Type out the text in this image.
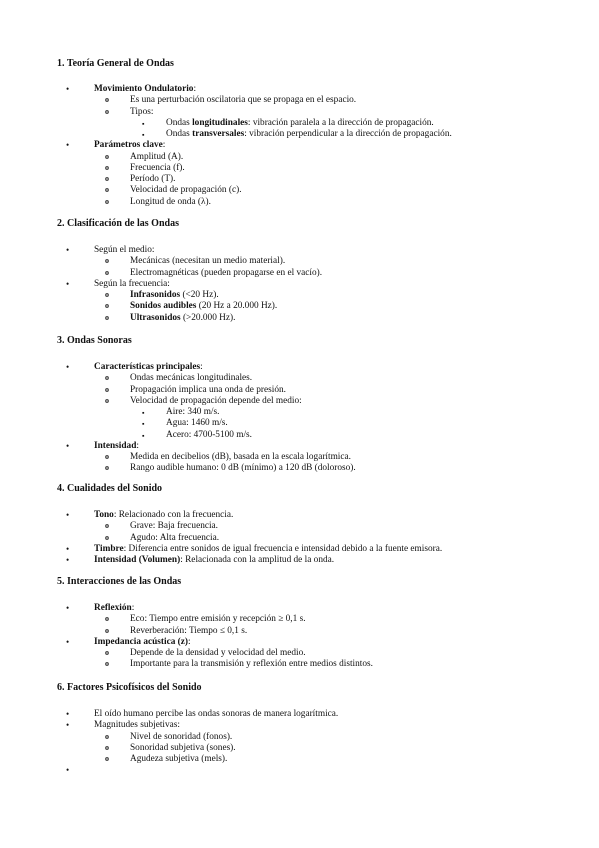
1. Teoría General de Ondas
•	Movimiento Ondulatorio:
o Es una perturbación oscilatoria que se propaga en el espacio.
o Tipos:
▪ Ondas longitudinales: vibración paralela a la dirección de propagación.
▪ Ondas transversales: vibración perpendicular a la dirección de propagación.
•	Parámetros clave:
o Amplitud (A).
o Frecuencia (f).
o Período (T).
o Velocidad de propagación (c).
o Longitud de onda (λ).
2. Clasificación de las Ondas
•	Según el medio:
o Mecánicas (necesitan un medio material).
o Electromagnéticas (pueden propagarse en el vacío).
•	Según la frecuencia:
o Infrasonidos (<20 Hz).
o Sonidos audibles (20 Hz a 20.000 Hz).
o Ultrasonidos (>20.000 Hz).
3. Ondas Sonoras
•	Características principales:
o Ondas mecánicas longitudinales.
o Propagación implica una onda de presión.
o Velocidad de propagación depende del medio:
▪ Aire: 340 m/s.
▪ Agua: 1460 m/s.
▪ Acero: 4700-5100 m/s.
•	Intensidad:
o Medida en decibelios (dB), basada en la escala logarítmica.
o Rango audible humano: 0 dB (mínimo) a 120 dB (doloroso).
4. Cualidades del Sonido
•	Tono: Relacionado con la frecuencia.
o Grave: Baja frecuencia.
o Agudo: Alta frecuencia.
•	Timbre: Diferencia entre sonidos de igual frecuencia e intensidad debido a la fuente emisora.
•	Intensidad (Volumen): Relacionada con la amplitud de la onda.
5. Interacciones de las Ondas
•	Reflexión:
o Eco: Tiempo entre emisión y recepción ≥ 0,1 s.
o Reverberación: Tiempo ≤ 0,1 s.
•	Impedancia acústica (z):
o Depende de la densidad y velocidad del medio.
o Importante para la transmisión y reflexión entre medios distintos.
6. Factores Psicofísicos del Sonido
•	El oído humano percibe las ondas sonoras de manera logarítmica.
•	Magnitudes subjetivas:
o Nivel de sonoridad (fonos).
o Sonoridad subjetiva (sones).
o Agudeza subjetiva (mels).
•
